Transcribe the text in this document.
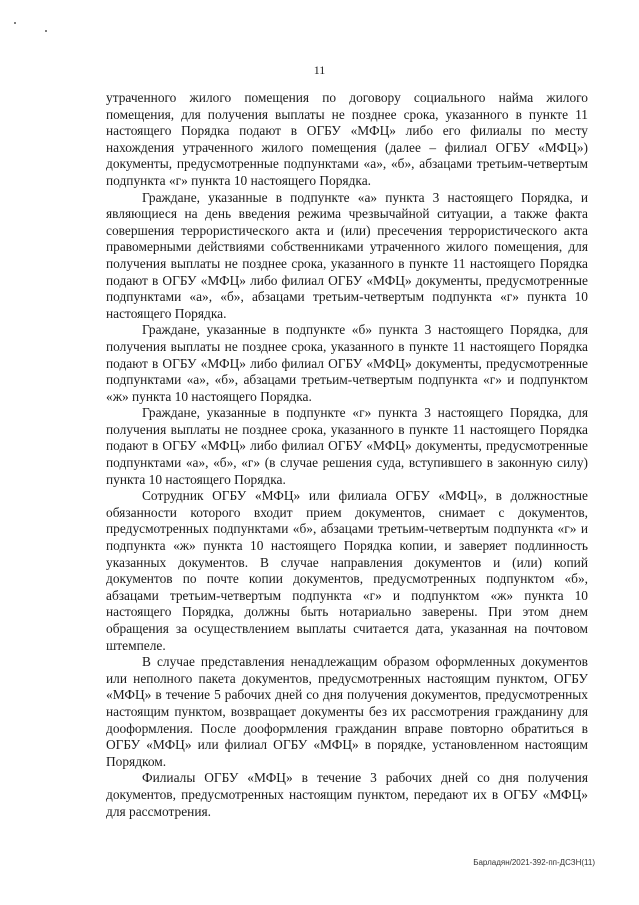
11

утраченного жилого помещения по договору социального найма жилого помещения, для получения выплаты не позднее срока, указанного в пункте 11 настоящего Порядка подают в ОГБУ «МФЦ» либо его филиалы по месту нахождения утраченного жилого помещения (далее – филиал ОГБУ «МФЦ») документы, предусмотренные подпунктами «а», «б», абзацами третьим-четвертым подпункта «г» пункта 10 настоящего Порядка.

Граждане, указанные в подпункте «а» пункта 3 настоящего Порядка, и являющиеся на день введения режима чрезвычайной ситуации, а также факта совершения террористического акта и (или) пресечения террористического акта правомерными действиями собственниками утраченного жилого помещения, для получения выплаты не позднее срока, указанного в пункте 11 настоящего Порядка подают в ОГБУ «МФЦ» либо филиал ОГБУ «МФЦ» документы, предусмотренные подпунктами «а», «б», абзацами третьим-четвертым подпункта «г» пункта 10 настоящего Порядка.

Граждане, указанные в подпункте «б» пункта 3 настоящего Порядка, для получения выплаты не позднее срока, указанного в пункте 11 настоящего Порядка подают в ОГБУ «МФЦ» либо филиал ОГБУ «МФЦ» документы, предусмотренные подпунктами «а», «б», абзацами третьим-четвертым подпункта «г» и подпунктом «ж» пункта 10 настоящего Порядка.

Граждане, указанные в подпункте «г» пункта 3 настоящего Порядка, для получения выплаты не позднее срока, указанного в пункте 11 настоящего Порядка подают в ОГБУ «МФЦ» либо филиал ОГБУ «МФЦ» документы, предусмотренные подпунктами «а», «б», «г» (в случае решения суда, вступившего в законную силу) пункта 10 настоящего Порядка.

Сотрудник ОГБУ «МФЦ» или филиала ОГБУ «МФЦ», в должностные обязанности которого входит прием документов, снимает с документов, предусмотренных подпунктами «б», абзацами третьим-четвертым подпункта «г» и подпункта «ж» пункта 10 настоящего Порядка копии, и заверяет подлинность указанных документов. В случае направления документов и (или) копий документов по почте копии документов, предусмотренных подпунктом «б», абзацами третьим-четвертым подпункта «г» и подпунктом «ж» пункта 10 настоящего Порядка, должны быть нотариально заверены. При этом днем обращения за осуществлением выплаты считается дата, указанная на почтовом штемпеле.

В случае представления ненадлежащим образом оформленных документов или неполного пакета документов, предусмотренных настоящим пунктом, ОГБУ «МФЦ» в течение 5 рабочих дней со дня получения документов, предусмотренных настоящим пунктом, возвращает документы без их рассмотрения гражданину для дооформления. После дооформления гражданин вправе повторно обратиться в ОГБУ «МФЦ» или филиал ОГБУ «МФЦ» в порядке, установленном настоящим Порядком.

Филиалы ОГБУ «МФЦ» в течение 3 рабочих дней со дня получения документов, предусмотренных настоящим пунктом, передают их в ОГБУ «МФЦ» для рассмотрения.

Барладян/2021-392-пп-ДСЗН(11)
